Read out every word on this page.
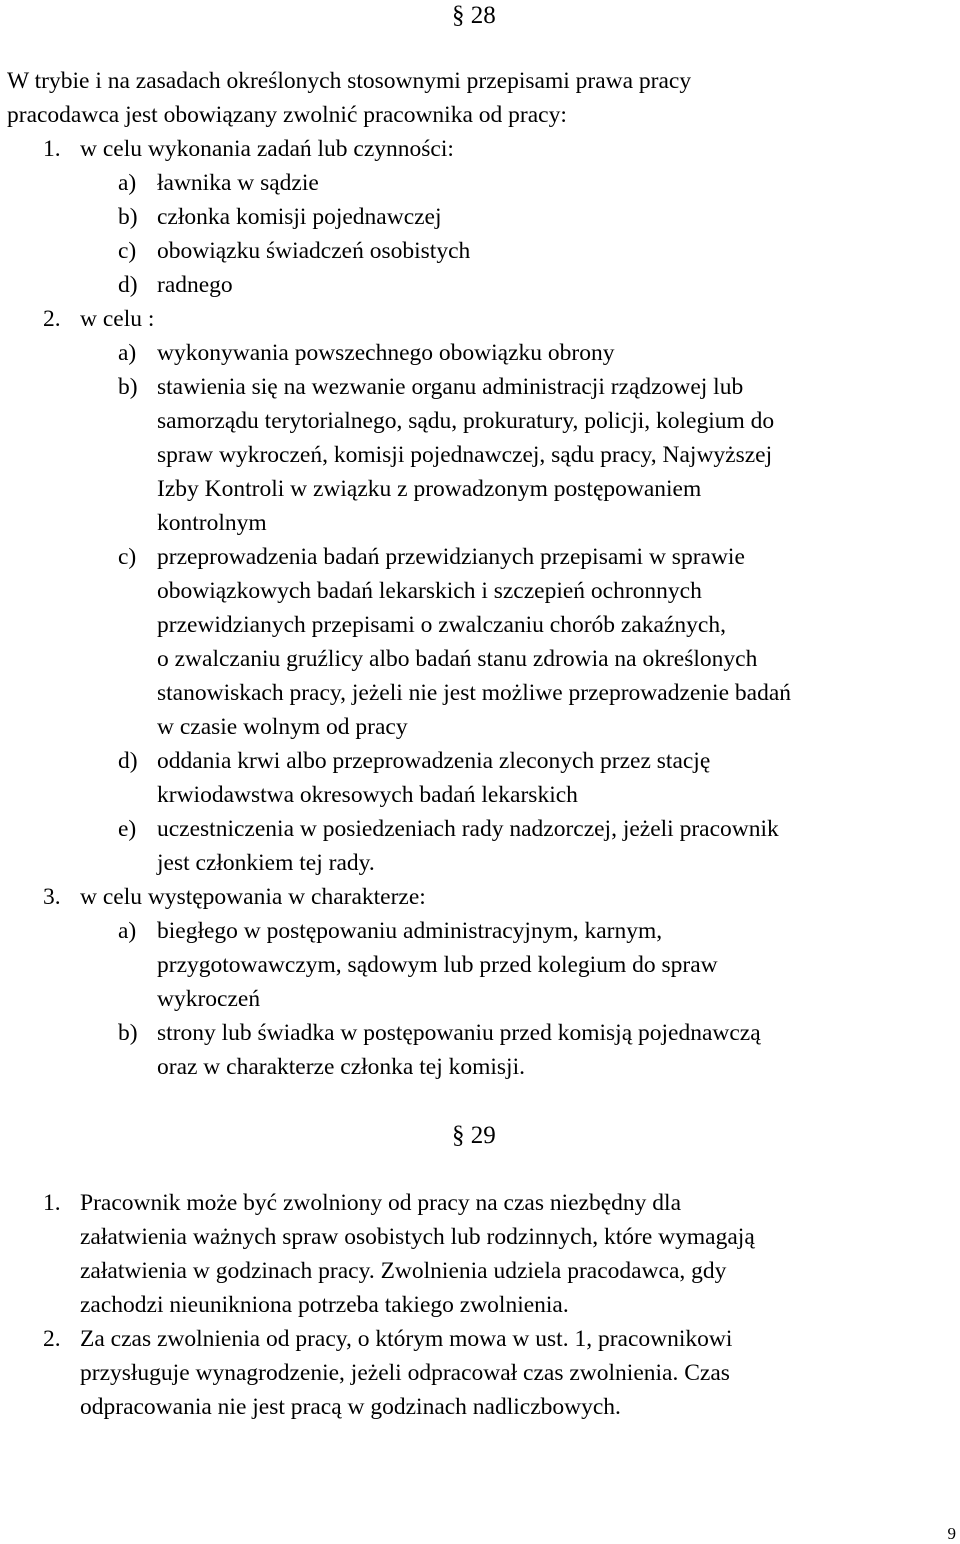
§ 28
W trybie i na zasadach określonych stosownymi przepisami prawa pracy
pracodawca jest obowiązany zwolnić pracownika od pracy:
1. w celu wykonania zadań lub czynności:
a) ławnika w sądzie
b) członka komisji pojednawczej
c) obowiązku świadczeń osobistych
d) radnego
2. w celu :
a) wykonywania powszechnego obowiązku obrony
b) stawienia się na wezwanie organu administracji rządzowej lub
samorządu terytorialnego, sądu, prokuratury, policji, kolegium do
spraw wykroczeń, komisji pojednawczej, sądu pracy, Najwyższej
Izby Kontroli w związku z prowadzonym postępowaniem
kontrolnym
c) przeprowadzenia badań przewidzianych przepisami w sprawie
obowiązkowych badań lekarskich i szczepień ochronnych
przewidzianych przepisami o zwalczaniu chorób zakaźnych,
o zwalczaniu gruźlicy albo badań stanu zdrowia na określonych
stanowiskach pracy, jeżeli nie jest możliwe przeprowadzenie badań
w czasie wolnym od pracy
d) oddania krwi albo przeprowadzenia zleconych przez stację
krwiodawstwa okresowych badań lekarskich
e) uczestniczenia w posiedzeniach rady nadzorczej, jeżeli pracownik
jest członkiem tej rady.
3. w celu występowania w charakterze:
a) biegłego w postępowaniu administracyjnym, karnym,
przygotowawczym, sądowym lub przed kolegium do spraw
wykroczeń
b) strony lub świadka w postępowaniu przed komisją pojednawczą
oraz w charakterze członka tej komisji.
§ 29
1. Pracownik może być zwolniony od pracy na czas niezbędny dla
załatwienia ważnych spraw osobistych lub rodzinnych, które wymagają
załatwienia w godzinach pracy. Zwolnienia udziela pracodawca, gdy
zachodzi nieunikniona potrzeba takiego zwolnienia.
2. Za czas zwolnienia od pracy, o którym mowa w ust. 1, pracownikowi
przysługuje wynagrodzenie, jeżeli odpracował czas zwolnienia. Czas
odpracowania nie jest pracą w godzinach nadliczbowych.
9
